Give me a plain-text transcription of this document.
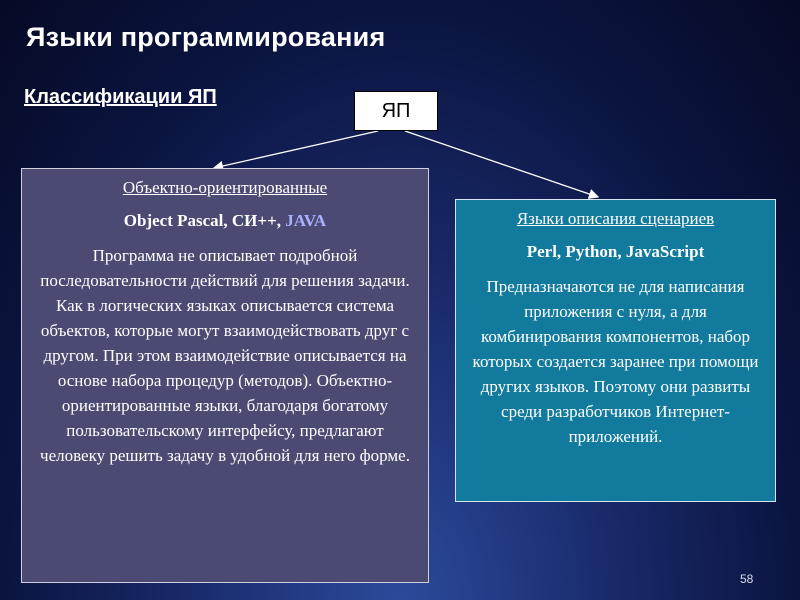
Языки программирования
Классификации ЯП
ЯП

Объектно-ориентированные

Object Pascal, СИ++, JAVA

Программа не описывает подробной последовательности действий для решения задачи. Как в логических языках описывается система объектов, которые могут взаимодействовать друг с другом. При этом взаимодействие описывается на основе набора процедур (методов). Объектно-ориентированные языки, благодаря богатому пользовательскому интерфейсу, предлагают человеку решить задачу в удобной для него форме.

Языки описания сценариев

Perl, Python, JavaScript

Предназначаются не для написания приложения с нуля, а для комбинирования компонентов, набор которых создается заранее при помощи других языков. Поэтому они развиты среди разработчиков Интернет-приложений.

58
